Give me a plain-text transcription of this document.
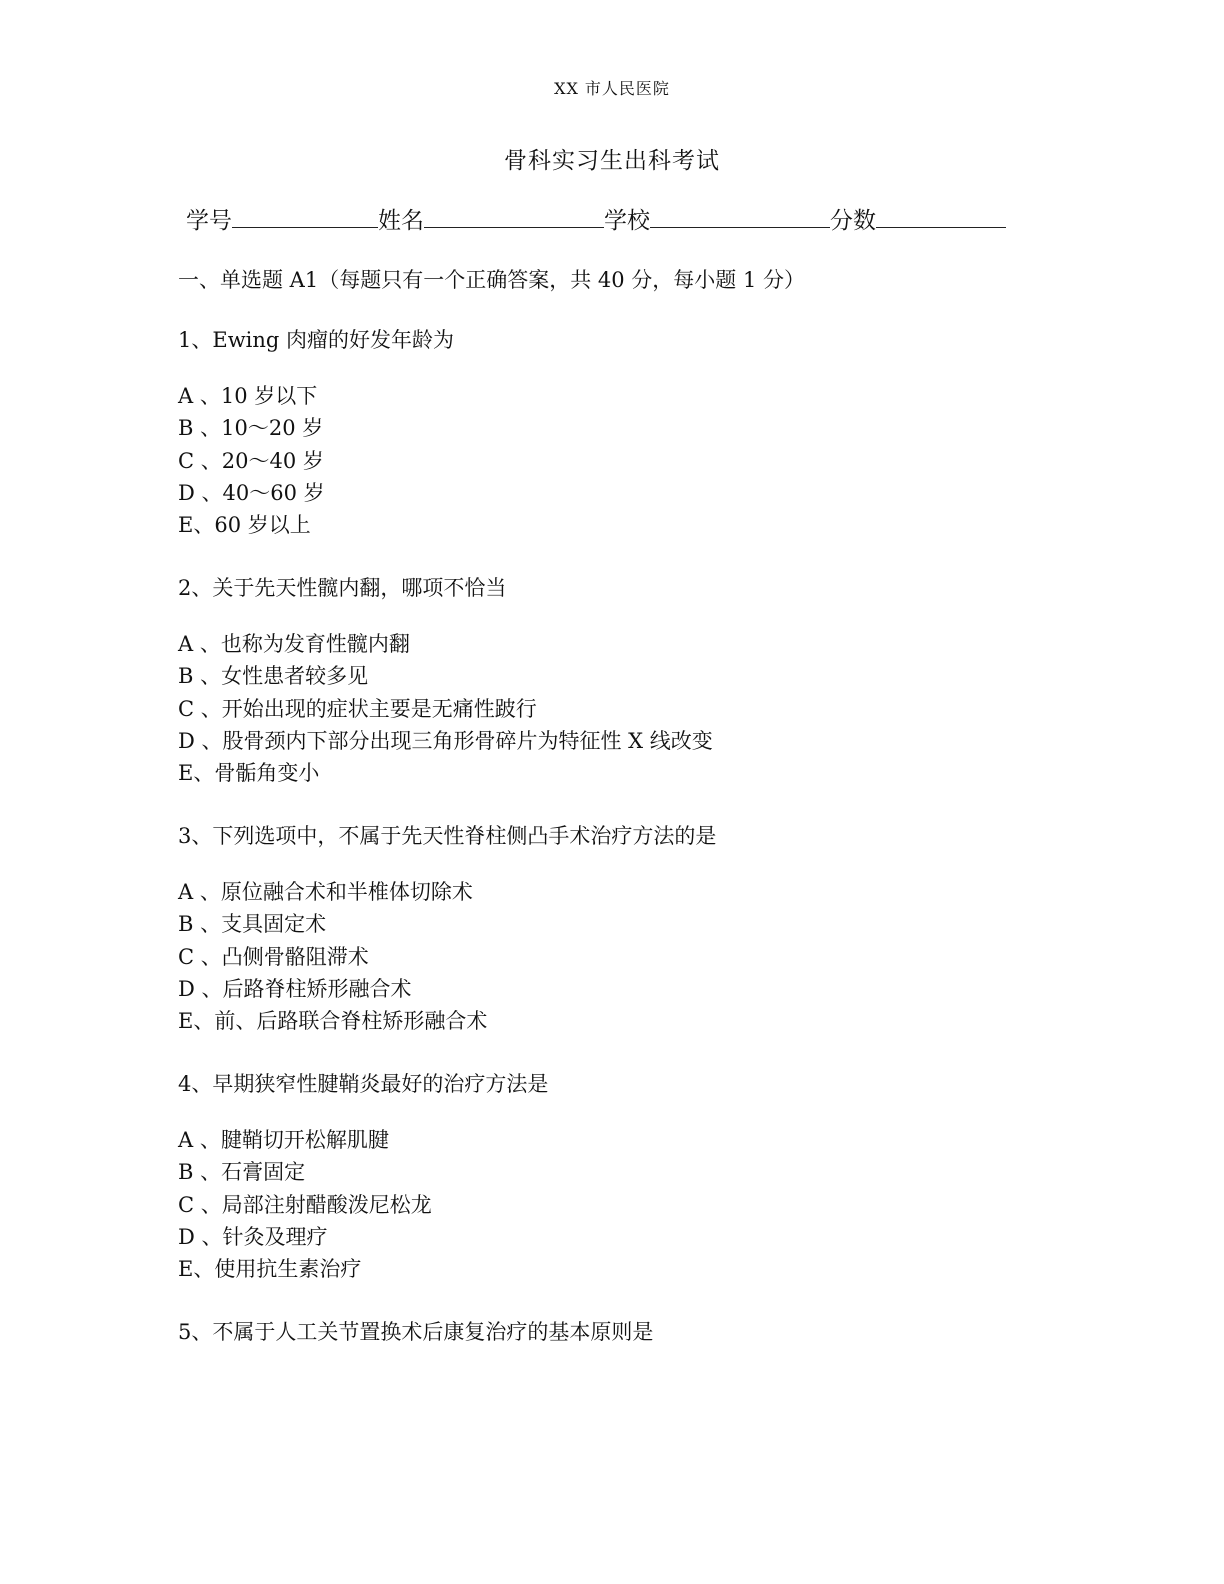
XX 市人民医院
骨科实习生出科考试
学号	姓名	学校	分数
一、单选题 A1（每题只有一个正确答案，共 40 分，每小题 1 分）
1、Ewing 肉瘤的好发年龄为
A 、10 岁以下
B 、10～20 岁
C 、20～40 岁
D 、40～60 岁
E、60 岁以上
2、关于先天性髋内翻，哪项不恰当
A 、也称为发育性髋内翻
B 、女性患者较多见
C 、开始出现的症状主要是无痛性跛行
D 、股骨颈内下部分出现三角形骨碎片为特征性 X 线改变
E、骨骺角变小
3、下列选项中，不属于先天性脊柱侧凸手术治疗方法的是
A 、原位融合术和半椎体切除术
B 、支具固定术
C 、凸侧骨骼阻滞术
D 、后路脊柱矫形融合术
E、前、后路联合脊柱矫形融合术
4、早期狭窄性腱鞘炎最好的治疗方法是
A 、腱鞘切开松解肌腱
B 、石膏固定
C 、局部注射醋酸泼尼松龙
D 、针灸及理疗
E、使用抗生素治疗
5、不属于人工关节置换术后康复治疗的基本原则是
